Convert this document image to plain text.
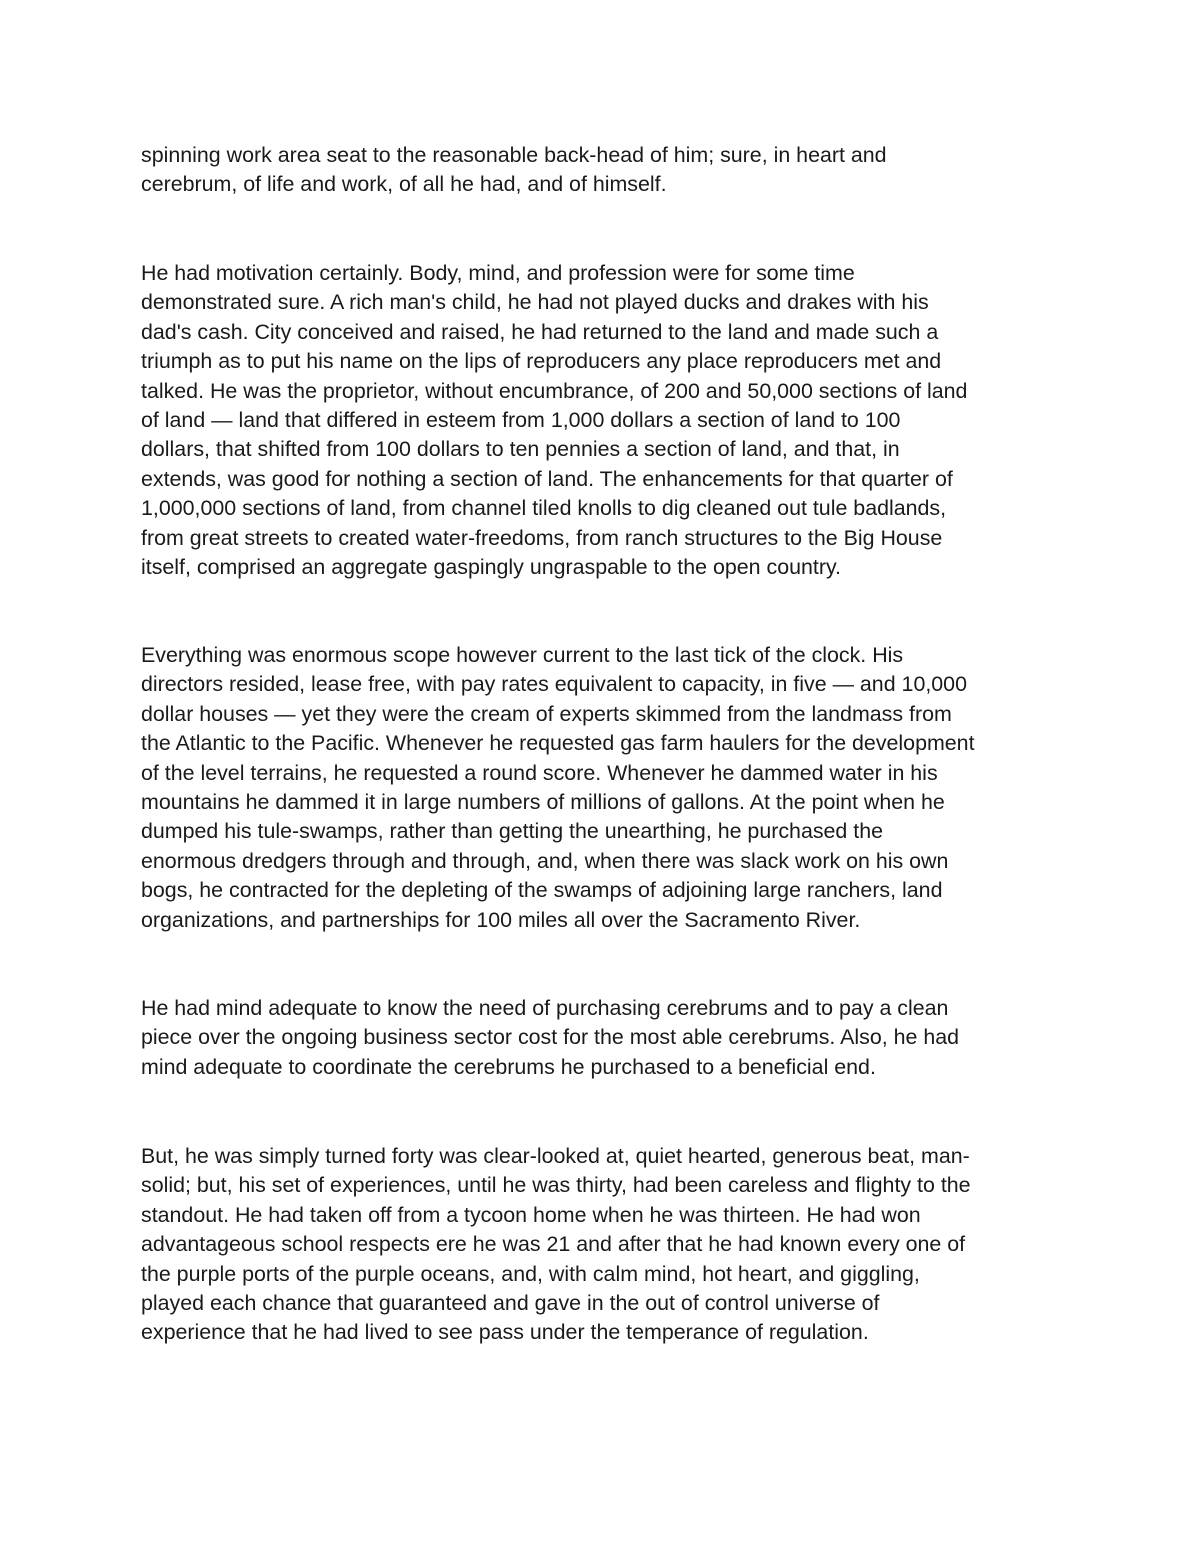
spinning work area seat to the reasonable back-head of him; sure, in heart and
cerebrum, of life and work, of all he had, and of himself.

He had motivation certainly. Body, mind, and profession were for some time
demonstrated sure. A rich man's child, he had not played ducks and drakes with his
dad's cash. City conceived and raised, he had returned to the land and made such a
triumph as to put his name on the lips of reproducers any place reproducers met and
talked. He was the proprietor, without encumbrance, of 200 and 50,000 sections of land
of land — land that differed in esteem from 1,000 dollars a section of land to 100
dollars, that shifted from 100 dollars to ten pennies a section of land, and that, in
extends, was good for nothing a section of land. The enhancements for that quarter of
1,000,000 sections of land, from channel tiled knolls to dig cleaned out tule badlands,
from great streets to created water-freedoms, from ranch structures to the Big House
itself, comprised an aggregate gaspingly ungraspable to the open country.

Everything was enormous scope however current to the last tick of the clock. His
directors resided, lease free, with pay rates equivalent to capacity, in five — and 10,000
dollar houses — yet they were the cream of experts skimmed from the landmass from
the Atlantic to the Pacific. Whenever he requested gas farm haulers for the development
of the level terrains, he requested a round score. Whenever he dammed water in his
mountains he dammed it in large numbers of millions of gallons. At the point when he
dumped his tule-swamps, rather than getting the unearthing, he purchased the
enormous dredgers through and through, and, when there was slack work on his own
bogs, he contracted for the depleting of the swamps of adjoining large ranchers, land
organizations, and partnerships for 100 miles all over the Sacramento River.

He had mind adequate to know the need of purchasing cerebrums and to pay a clean
piece over the ongoing business sector cost for the most able cerebrums. Also, he had
mind adequate to coordinate the cerebrums he purchased to a beneficial end.

But, he was simply turned forty was clear-looked at, quiet hearted, generous beat, man-
solid; but, his set of experiences, until he was thirty, had been careless and flighty to the
standout. He had taken off from a tycoon home when he was thirteen. He had won
advantageous school respects ere he was 21 and after that he had known every one of
the purple ports of the purple oceans, and, with calm mind, hot heart, and giggling,
played each chance that guaranteed and gave in the out of control universe of
experience that he had lived to see pass under the temperance of regulation.
